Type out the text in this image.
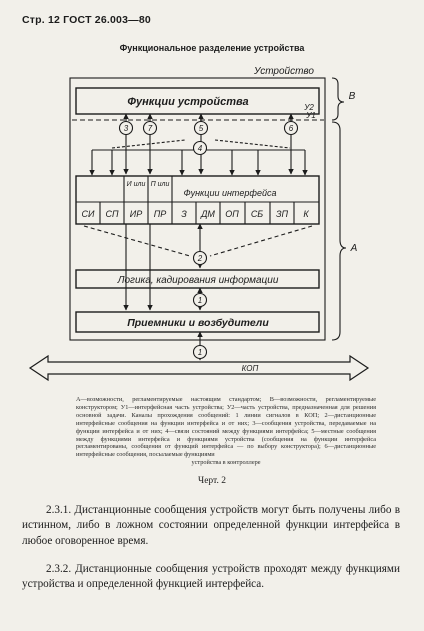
Стр. 12 ГОСТ 26.003—80
Функциональное разделение устройства
Устройство
Функции устройства	У2
У1
Функции интерфейса
И или П или
Логика, кадирования информации
Приемники и возбудители
КОП
В
А
СИ СП ИР ПР З ДМ ОП СБ ЗП К
3 7	5	6
4
2
1
1
А—возможности, регламентируемые настоящим стандартом; В—возможности, регламентируемые конструктором; У1—интерфейсная часть устройства; У2—часть устройства, предназначенная для решения основной задачи. Каналы прохождения сообщений: 1 линии сигналов в КОП; 2—дистанционные интерфейсные сообщения на функции интерфейса и от них; 3—сообщения устройства, передаваемые на функции интерфейса и от них; 4—связи состояний между функциями интерфейса; 5—местные сообщения между функциями интерфейса и функциями устройства (сообщения на функции интерфейса регламентированы, сообщения от функций интерфейса — по выбору конструктора); 6—дистанционные интерфейсные сообщения, посылаемые функциями
устройства в контроллере
Черт. 2
2.3.1. Дистанционные сообщения устройств могут быть получены либо в истинном, либо в ложном состоянии определенной функции интерфейса в любое оговоренное время.
2.3.2. Дистанционные сообщения устройств проходят между функциями устройства и определенной функцией интерфейса.
